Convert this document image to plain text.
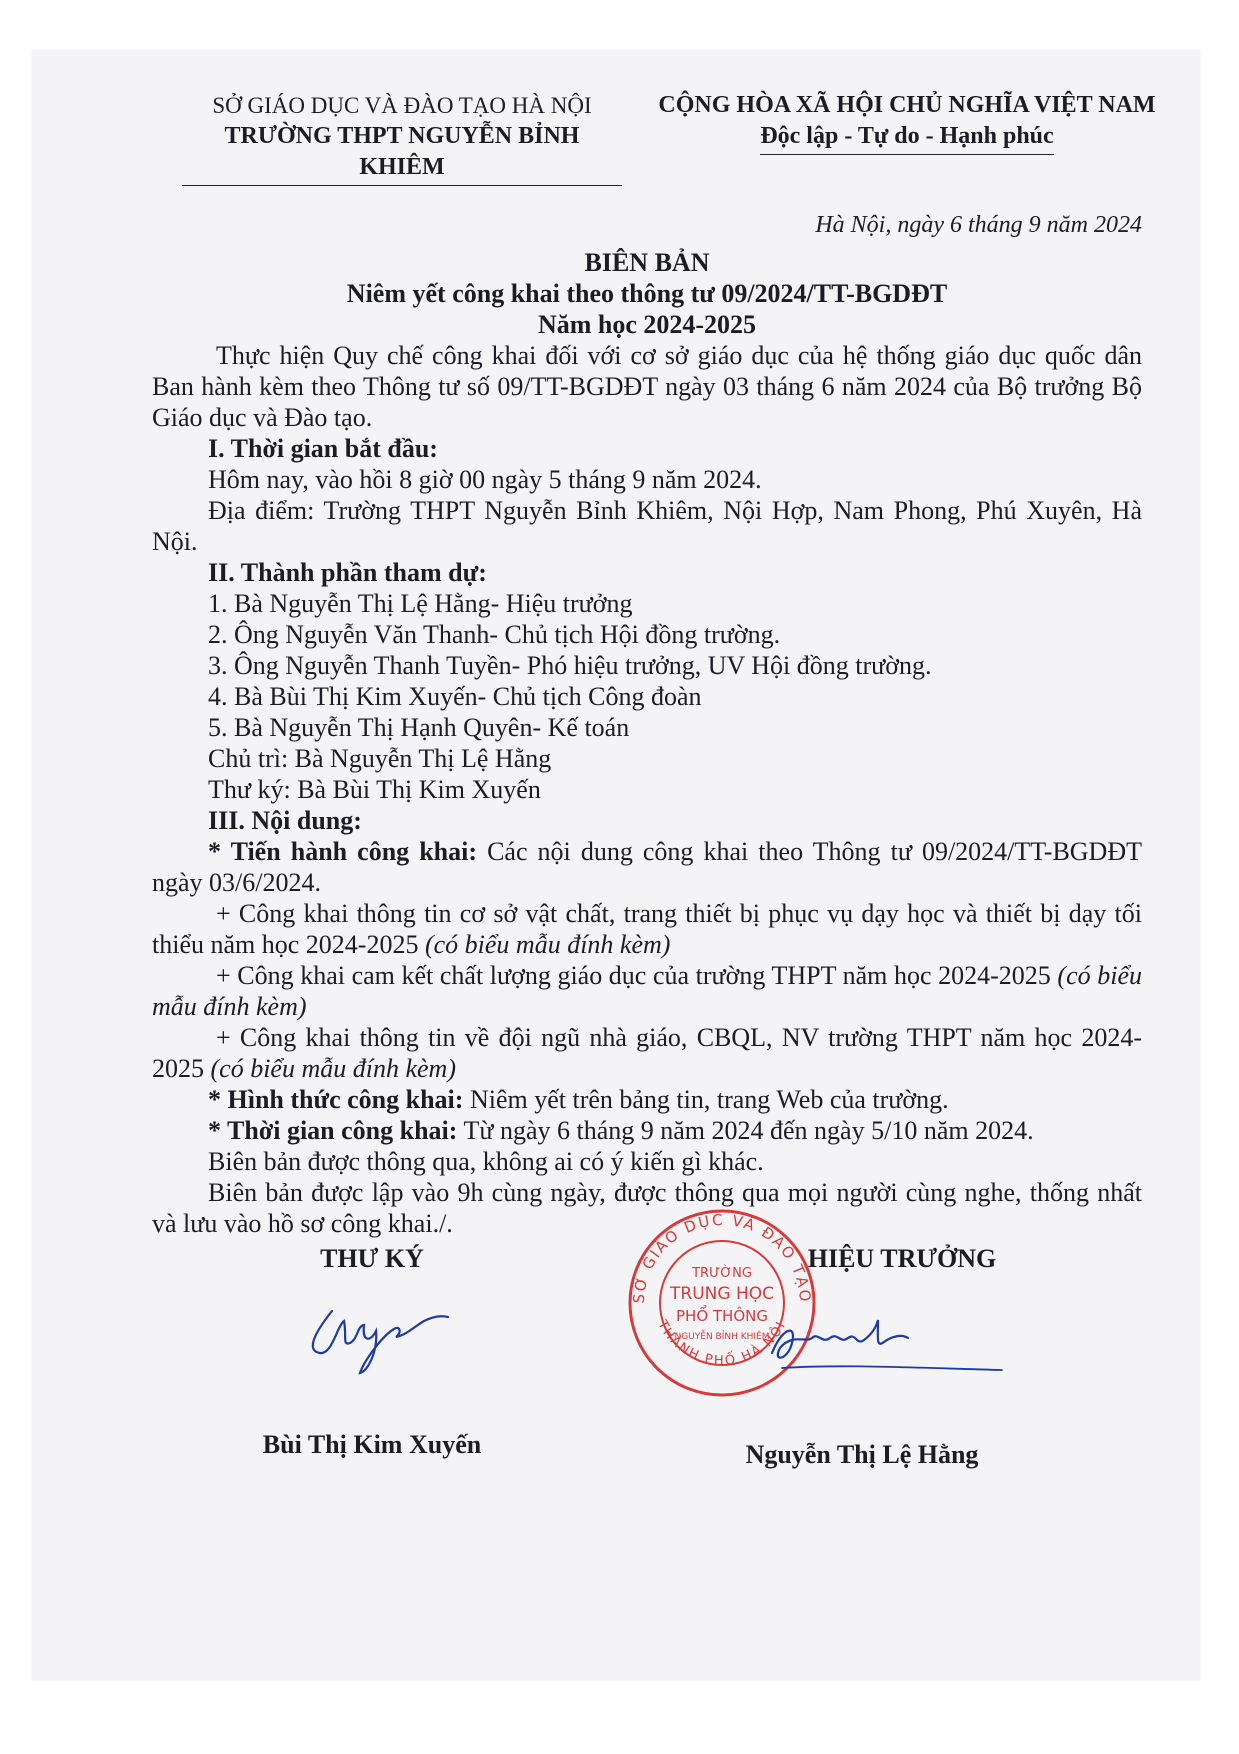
SỞ GIÁO DỤC VÀ ĐÀO TẠO HÀ NỘI
TRƯỜNG THPT NGUYỄN BỈNH KHIÊM
CỘNG HÒA XÃ HỘI CHỦ NGHĨA VIỆT NAM
Độc lập - Tự do - Hạnh phúc
Hà Nội, ngày 6 tháng 9 năm 2024
BIÊN BẢN
Niêm yết công khai theo thông tư 09/2024/TT-BGDĐT
Năm học 2024-2025

Thực hiện Quy chế công khai đối với cơ sở giáo dục của hệ thống giáo dục quốc dân Ban hành kèm theo Thông tư số 09/TT-BGDĐT ngày 03 tháng 6 năm 2024 của Bộ trưởng Bộ Giáo dục và Đào tạo.

I. Thời gian bắt đầu:

Hôm nay, vào hồi 8 giờ 00 ngày 5 tháng 9 năm 2024.

Địa điểm: Trường THPT Nguyễn Bỉnh Khiêm, Nội Hợp, Nam Phong, Phú Xuyên, Hà Nội.

II. Thành phần tham dự:

1. Bà Nguyễn Thị Lệ Hằng- Hiệu trưởng

2. Ông Nguyễn Văn Thanh- Chủ tịch Hội đồng trường.

3. Ông Nguyễn Thanh Tuyền- Phó hiệu trưởng, UV Hội đồng trường.

4. Bà Bùi Thị Kim Xuyến- Chủ tịch Công đoàn

5. Bà Nguyễn Thị Hạnh Quyên- Kế toán

Chủ trì: Bà Nguyễn Thị Lệ Hằng

Thư ký: Bà Bùi Thị Kim Xuyến

III. Nội dung:

* Tiến hành công khai: Các nội dung công khai theo Thông tư 09/2024/TT-BGDĐT ngày 03/6/2024.

+ Công khai thông tin cơ sở vật chất, trang thiết bị phục vụ dạy học và thiết bị dạy tối thiểu năm học 2024-2025 (có biểu mẫu đính kèm)

+ Công khai cam kết chất lượng giáo dục của trường THPT năm học 2024-2025 (có biểu mẫu đính kèm)

+ Công khai thông tin về đội ngũ nhà giáo, CBQL, NV trường THPT năm học 2024-2025 (có biểu mẫu đính kèm)

* Hình thức công khai: Niêm yết trên bảng tin, trang Web của trường.

* Thời gian công khai: Từ ngày 6 tháng 9 năm 2024 đến ngày 5/10 năm 2024.

Biên bản được thông qua, không ai có ý kiến gì khác.

Biên bản được lập vào 9h cùng ngày, được thông qua mọi người cùng nghe, thống nhất và lưu vào hồ sơ công khai./.

THƯ KÝ
Bùi Thị Kim Xuyến
SỞ GIÁO DỤC VÀ ĐÀO TẠO
THÀNH PHỐ HÀ NỘI
TRƯỜNG
TRUNG HỌC
PHỔ THÔNG
NGUYỄN BỈNH KHIÊM
HIỆU TRƯỞNG
Nguyễn Thị Lệ Hằng
